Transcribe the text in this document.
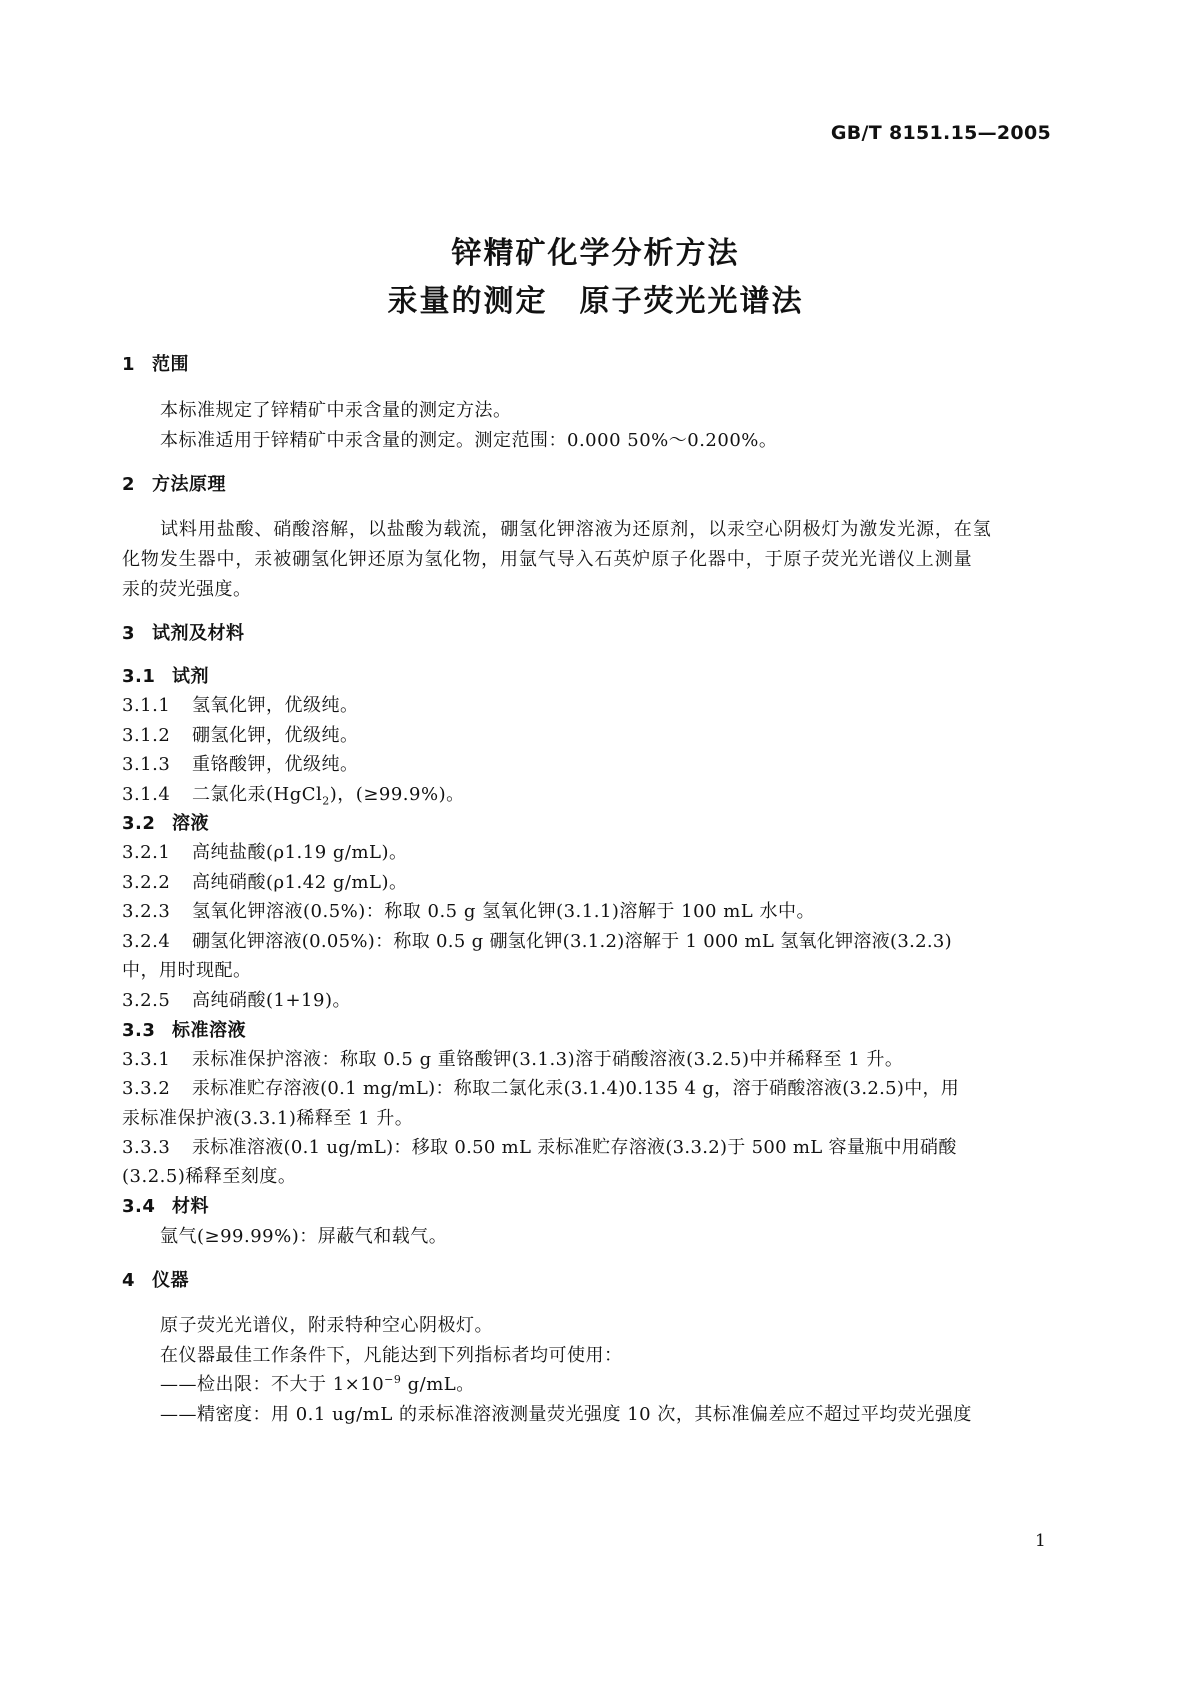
GB/T 8151.15—2005
锌精矿化学分析方法
汞量的测定　原子荧光光谱法
1 范围
本标准规定了锌精矿中汞含量的测定方法。
本标准适用于锌精矿中汞含量的测定。测定范围：0.000 50%～0.200%。
2 方法原理
试料用盐酸、硝酸溶解，以盐酸为载流，硼氢化钾溶液为还原剂，以汞空心阴极灯为激发光源，在氢
化物发生器中，汞被硼氢化钾还原为氢化物，用氩气导入石英炉原子化器中，于原子荧光光谱仪上测量
汞的荧光强度。
3 试剂及材料
3.1 试剂
3.1.1 氢氧化钾，优级纯。
3.1.2 硼氢化钾，优级纯。
3.1.3 重铬酸钾，优级纯。
3.1.4 二氯化汞(HgCl$_2$)，(≥99.9%)。
3.2 溶液
3.2.1 高纯盐酸(ρ1.19 g/mL)。
3.2.2 高纯硝酸(ρ1.42 g/mL)。
3.2.3 氢氧化钾溶液(0.5%)：称取 0.5 g 氢氧化钾(3.1.1)溶解于 100 mL 水中。
3.2.4 硼氢化钾溶液(0.05%)：称取 0.5 g 硼氢化钾(3.1.2)溶解于 1 000 mL 氢氧化钾溶液(3.2.3)
中，用时现配。
3.2.5 高纯硝酸(1+19)。
3.3 标准溶液
3.3.1 汞标准保护溶液：称取 0.5 g 重铬酸钾(3.1.3)溶于硝酸溶液(3.2.5)中并稀释至 1 升。
3.3.2 汞标准贮存溶液(0.1 mg/mL)：称取二氯化汞(3.1.4)0.135 4 g，溶于硝酸溶液(3.2.5)中，用
汞标准保护液(3.3.1)稀释至 1 升。
3.3.3 汞标准溶液(0.1 ug/mL)：移取 0.50 mL 汞标准贮存溶液(3.3.2)于 500 mL 容量瓶中用硝酸
(3.2.5)稀释至刻度。
3.4 材料
氩气(≥99.99%)：屏蔽气和载气。
4 仪器
原子荧光光谱仪，附汞特种空心阴极灯。
在仪器最佳工作条件下，凡能达到下列指标者均可使用：
——检出限：不大于 $1\times 10^{-9}$ g/mL。
——精密度：用 0.1 ug/mL 的汞标准溶液测量荧光强度 10 次，其标准偏差应不超过平均荧光强度
1
